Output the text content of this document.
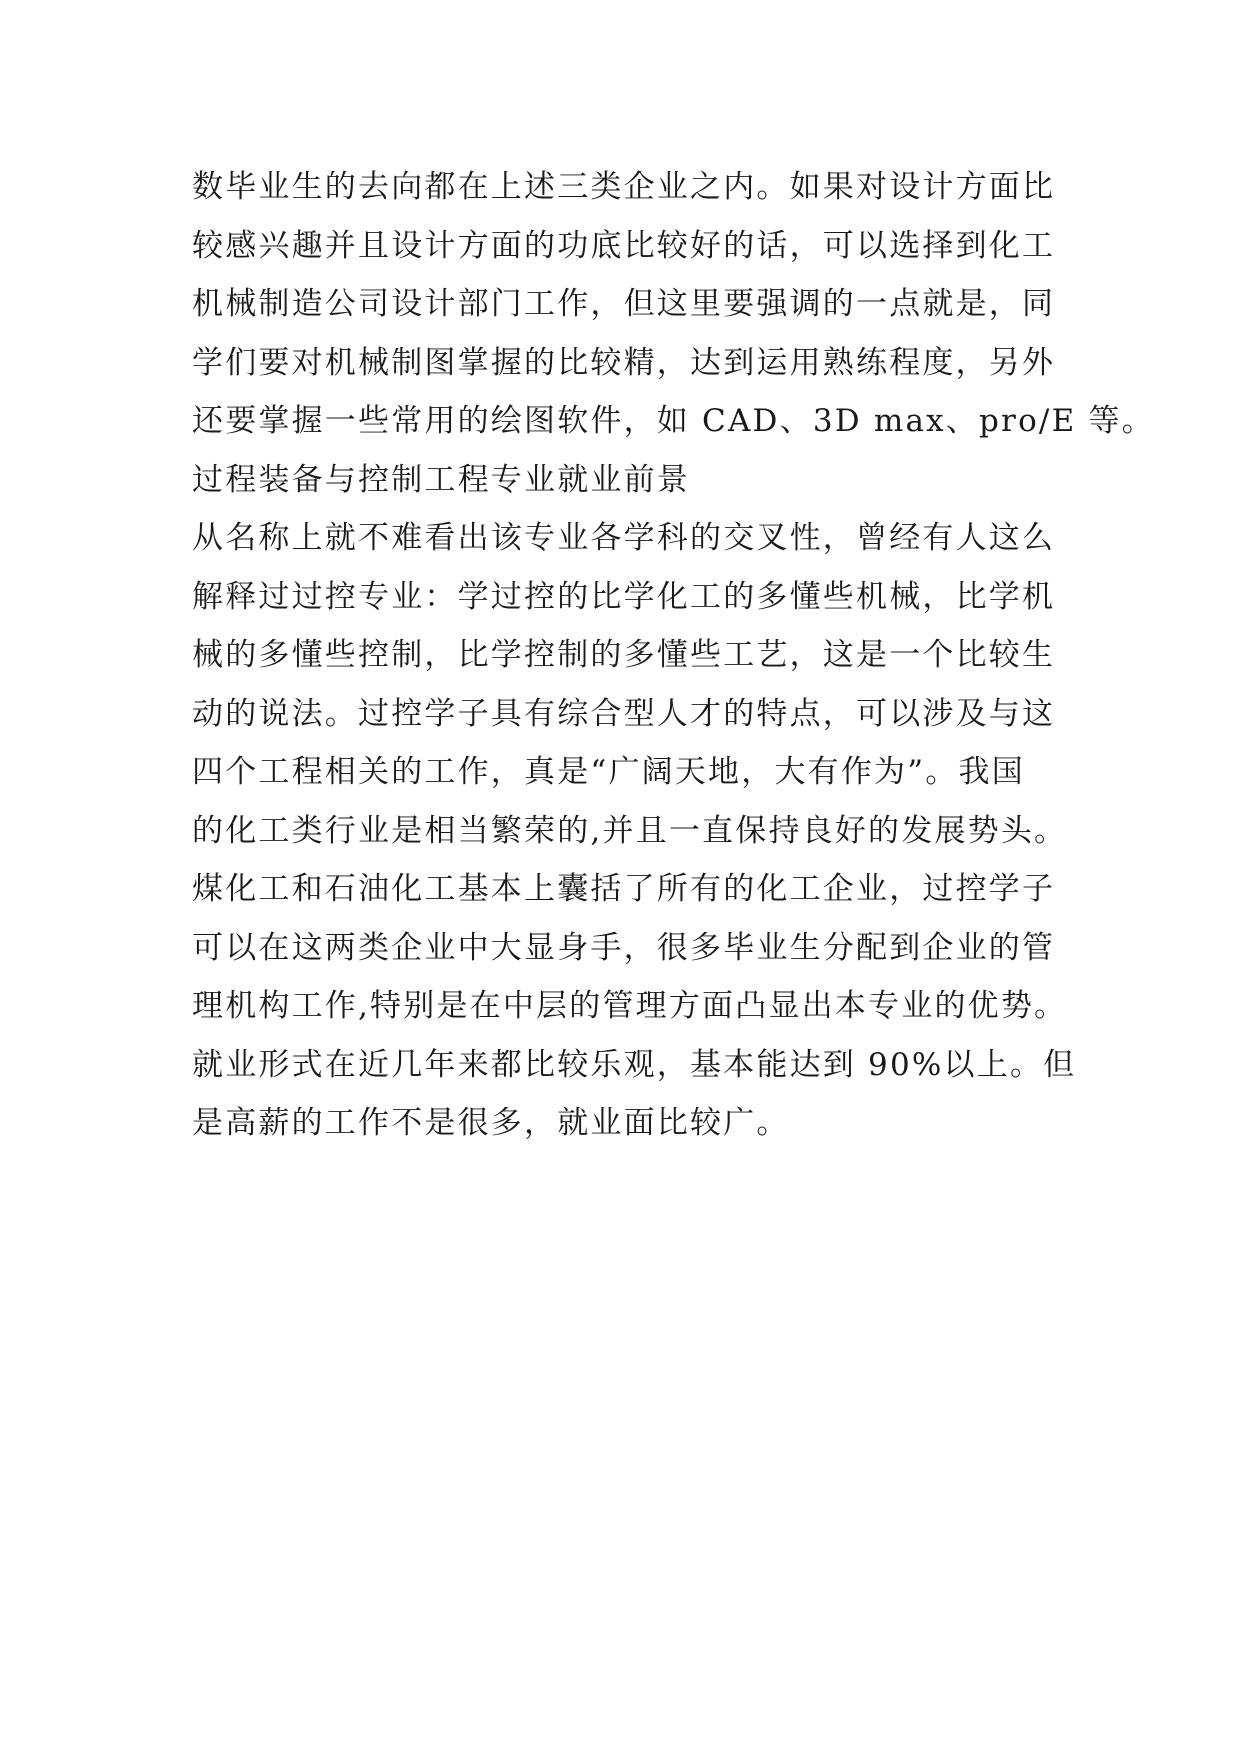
数毕业生的去向都在上述三类企业之内。如果对设计方面比
较感兴趣并且设计方面的功底比较好的话，可以选择到化工
机械制造公司设计部门工作，但这里要强调的一点就是，同
学们要对机械制图掌握的比较精，达到运用熟练程度，另外
还要掌握一些常用的绘图软件，如 CAD、3D max、pro/E 等。
过程装备与控制工程专业就业前景
从名称上就不难看出该专业各学科的交叉性，曾经有人这么
解释过过控专业：学过控的比学化工的多懂些机械，比学机
械的多懂些控制，比学控制的多懂些工艺，这是一个比较生
动的说法。过控学子具有综合型人才的特点，可以涉及与这
四个工程相关的工作，真是“广阔天地，大有作为”。我国
的化工类行业是相当繁荣的,并且一直保持良好的发展势头。
煤化工和石油化工基本上囊括了所有的化工企业，过控学子
可以在这两类企业中大显身手，很多毕业生分配到企业的管
理机构工作,特别是在中层的管理方面凸显出本专业的优势。
就业形式在近几年来都比较乐观，基本能达到 90%以上。但
是高薪的工作不是很多，就业面比较广。
